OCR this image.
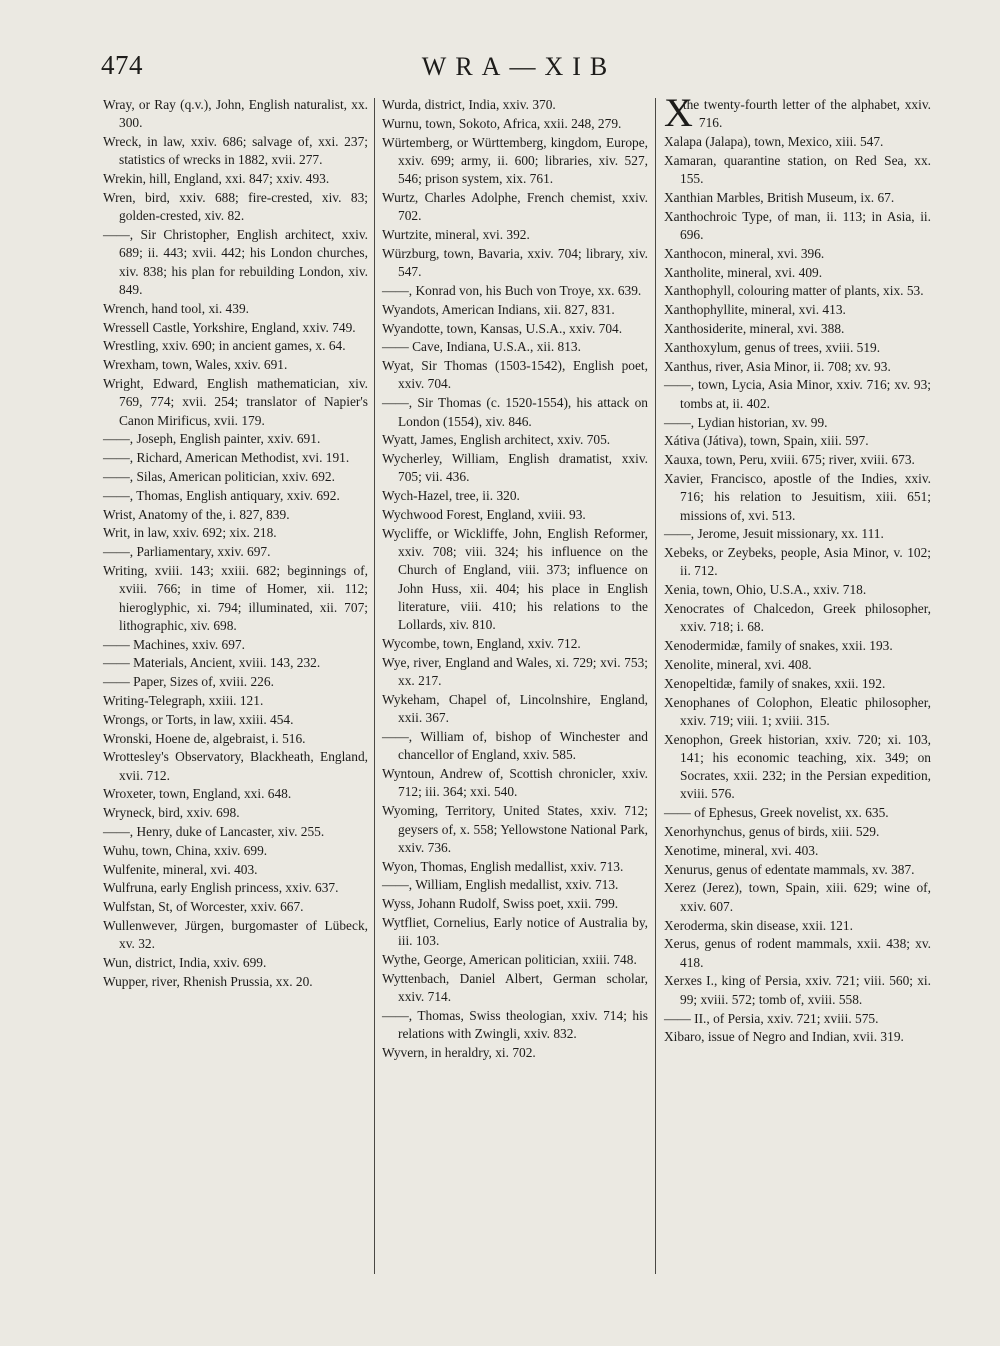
474	WRA—XIB
Wray, or Ray (q.v.), John, English naturalist, xx. 300.
Wreck, in law, xxiv. 686; salvage of, xxi. 237; statistics of wrecks in 1882, xvii. 277.
Wrekin, hill, England, xxi. 847; xxiv. 493.
Wren, bird, xxiv. 688; fire-crested, xiv. 83; golden-crested, xiv. 82.
——, Sir Christopher, English architect, xxiv. 689; ii. 443; xvii. 442; his London churches, xiv. 838; his plan for rebuilding London, xiv. 849.
Wrench, hand tool, xi. 439.
Wressell Castle, Yorkshire, England, xxiv. 749.
Wrestling, xxiv. 690; in ancient games, x. 64.
Wrexham, town, Wales, xxiv. 691.
Wright, Edward, English mathematician, xiv. 769, 774; xvii. 254; translator of Napier's Canon Mirificus, xvii. 179.
——, Joseph, English painter, xxiv. 691.
——, Richard, American Methodist, xvi. 191.
——, Silas, American politician, xxiv. 692.
——, Thomas, English antiquary, xxiv. 692.
Wrist, Anatomy of the, i. 827, 839.
Writ, in law, xxiv. 692; xix. 218.
——, Parliamentary, xxiv. 697.
Writing, xviii. 143; xxiii. 682; beginnings of, xviii. 766; in time of Homer, xii. 112; hieroglyphic, xi. 794; illuminated, xii. 707; lithographic, xiv. 698.
—— Machines, xxiv. 697.
—— Materials, Ancient, xviii. 143, 232.
—— Paper, Sizes of, xviii. 226.
Writing-Telegraph, xxiii. 121.
Wrongs, or Torts, in law, xxiii. 454.
Wronski, Hoene de, algebraist, i. 516.
Wrottesley's Observatory, Blackheath, England, xvii. 712.
Wroxeter, town, England, xxi. 648.
Wryneck, bird, xxiv. 698.
——, Henry, duke of Lancaster, xiv. 255.
Wuhu, town, China, xxiv. 699.
Wulfenite, mineral, xvi. 403.
Wulfruna, early English princess, xxiv. 637.
Wulfstan, St, of Worcester, xxiv. 667.
Wullenwever, Jürgen, burgomaster of Lübeck, xv. 32.
Wun, district, India, xxiv. 699.
Wupper, river, Rhenish Prussia, xx. 20.
Wurda, district, India, xxiv. 370.
Wurnu, town, Sokoto, Africa, xxii. 248, 279.
Würtemberg, or Württemberg, kingdom, Europe, xxiv. 699; army, ii. 600; libraries, xiv. 527, 546; prison system, xix. 761.
Wurtz, Charles Adolphe, French chemist, xxiv. 702.
Wurtzite, mineral, xvi. 392.
Würzburg, town, Bavaria, xxiv. 704; library, xiv. 547.
——, Konrad von, his Buch von Troye, xx. 639.
Wyandots, American Indians, xii. 827, 831.
Wyandotte, town, Kansas, U.S.A., xxiv. 704.
—— Cave, Indiana, U.S.A., xii. 813.
Wyat, Sir Thomas (1503-1542), English poet, xxiv. 704.
——, Sir Thomas (c. 1520-1554), his attack on London (1554), xiv. 846.
Wyatt, James, English architect, xxiv. 705.
Wycherley, William, English dramatist, xxiv. 705; vii. 436.
Wych-Hazel, tree, ii. 320.
Wychwood Forest, England, xviii. 93.
Wycliffe, or Wickliffe, John, English Reformer, xxiv. 708; viii. 324; his influence on the Church of England, viii. 373; influence on John Huss, xii. 404; his place in English literature, viii. 410; his relations to the Lollards, xiv. 810.
Wycombe, town, England, xxiv. 712.
Wye, river, England and Wales, xi. 729; xvi. 753; xx. 217.
Wykeham, Chapel of, Lincolnshire, England, xxii. 367.
——, William of, bishop of Winchester and chancellor of England, xxiv. 585.
Wyntoun, Andrew of, Scottish chronicler, xxiv. 712; iii. 364; xxi. 540.
Wyoming, Territory, United States, xxiv. 712; geysers of, x. 558; Yellowstone National Park, xxiv. 736.
Wyon, Thomas, English medallist, xxiv. 713.
——, William, English medallist, xxiv. 713.
Wyss, Johann Rudolf, Swiss poet, xxii. 799.
Wytfliet, Cornelius, Early notice of Australia by, iii. 103.
Wythe, George, American politician, xxiii. 748.
Wyttenbach, Daniel Albert, German scholar, xxiv. 714.
——, Thomas, Swiss theologian, xxiv. 714; his relations with Zwingli, xxiv. 832.
Wyvern, in heraldry, xi. 702.
X
the twenty-fourth letter of the alphabet, xxiv. 716.
Xalapa (Jalapa), town, Mexico, xiii. 547.
Xamaran, quarantine station, on Red Sea, xx. 155.
Xanthian Marbles, British Museum, ix. 67.
Xanthochroic Type, of man, ii. 113; in Asia, ii. 696.
Xanthocon, mineral, xvi. 396.
Xantholite, mineral, xvi. 409.
Xanthophyll, colouring matter of plants, xix. 53.
Xanthophyllite, mineral, xvi. 413.
Xanthosiderite, mineral, xvi. 388.
Xanthoxylum, genus of trees, xviii. 519.
Xanthus, river, Asia Minor, ii. 708; xv. 93.
——, town, Lycia, Asia Minor, xxiv. 716; xv. 93; tombs at, ii. 402.
——, Lydian historian, xv. 99.
Xátiva (Játiva), town, Spain, xiii. 597.
Xauxa, town, Peru, xviii. 675; river, xviii. 673.
Xavier, Francisco, apostle of the Indies, xxiv. 716; his relation to Jesuitism, xiii. 651; missions of, xvi. 513.
——, Jerome, Jesuit missionary, xx. 111.
Xebeks, or Zeybeks, people, Asia Minor, v. 102; ii. 712.
Xenia, town, Ohio, U.S.A., xxiv. 718.
Xenocrates of Chalcedon, Greek philosopher, xxiv. 718; i. 68.
Xenodermidæ, family of snakes, xxii. 193.
Xenolite, mineral, xvi. 408.
Xenopeltidæ, family of snakes, xxii. 192.
Xenophanes of Colophon, Eleatic philosopher, xxiv. 719; viii. 1; xviii. 315.
Xenophon, Greek historian, xxiv. 720; xi. 103, 141; his economic teaching, xix. 349; on Socrates, xxii. 232; in the Persian expedition, xviii. 576.
—— of Ephesus, Greek novelist, xx. 635.
Xenorhynchus, genus of birds, xiii. 529.
Xenotime, mineral, xvi. 403.
Xenurus, genus of edentate mammals, xv. 387.
Xerez (Jerez), town, Spain, xiii. 629; wine of, xxiv. 607.
Xeroderma, skin disease, xxii. 121.
Xerus, genus of rodent mammals, xxii. 438; xv. 418.
Xerxes I., king of Persia, xxiv. 721; viii. 560; xi. 99; xviii. 572; tomb of, xviii. 558.
—— II., of Persia, xxiv. 721; xviii. 575.
Xibaro, issue of Negro and Indian, xvii. 319.
